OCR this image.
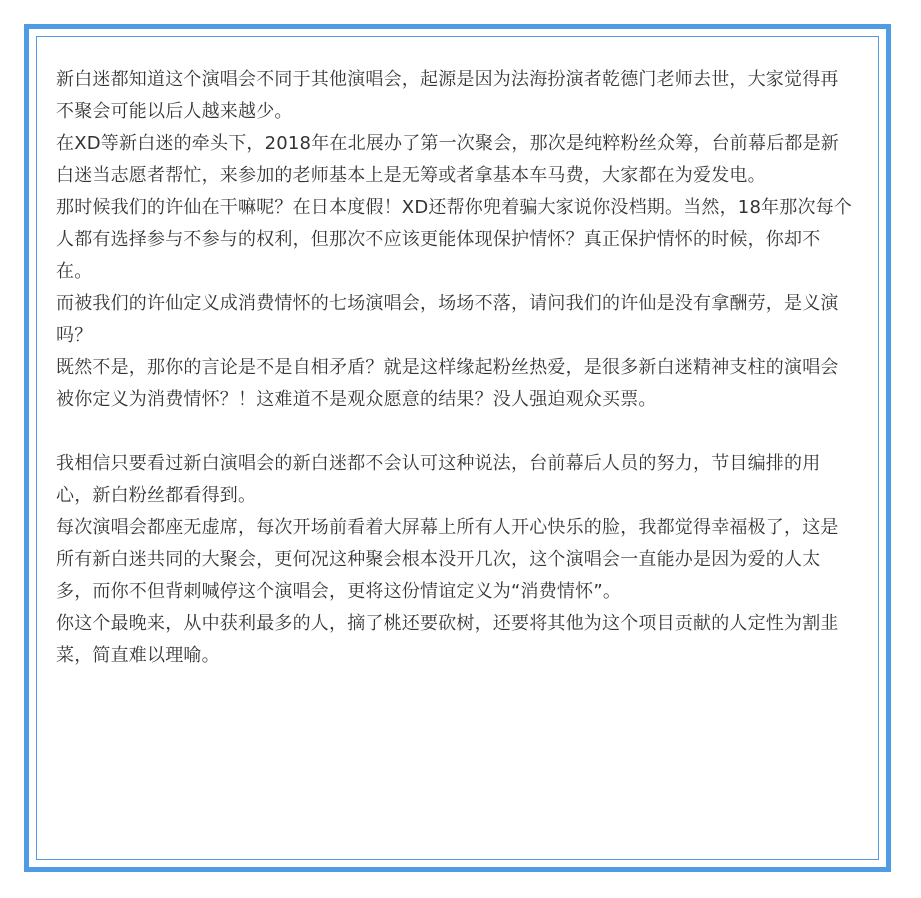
新白迷都知道这个演唱会不同于其他演唱会，起源是因为法海扮演者乾德门老师去世，大家觉得再不聚会可能以后人越来越少。

在XD等新白迷的牵头下，2018年在北展办了第一次聚会，那次是纯粹粉丝众筹，台前幕后都是新白迷当志愿者帮忙，来参加的老师基本上是无筹或者拿基本车马费，大家都在为爱发电。

那时候我们的许仙在干嘛呢？在日本度假！XD还帮你兜着骗大家说你没档期。当然，18年那次每个人都有选择参与不参与的权利，但那次不应该更能体现保护情怀？真正保护情怀的时候，你却不在。

而被我们的许仙定义成消费情怀的七场演唱会，场场不落，请问我们的许仙是没有拿酬劳，是义演吗？

既然不是，那你的言论是不是自相矛盾？就是这样缘起粉丝热爱，是很多新白迷精神支柱的演唱会被你定义为消费情怀？！这难道不是观众愿意的结果？没人强迫观众买票。

我相信只要看过新白演唱会的新白迷都不会认可这种说法，台前幕后人员的努力，节目编排的用心，新白粉丝都看得到。

每次演唱会都座无虚席，每次开场前看着大屏幕上所有人开心快乐的脸，我都觉得幸福极了，这是所有新白迷共同的大聚会，更何况这种聚会根本没开几次，这个演唱会一直能办是因为爱的人太多，而你不但背刺喊停这个演唱会，更将这份情谊定义为“消费情怀”。

你这个最晚来，从中获利最多的人，摘了桃还要砍树，还要将其他为这个项目贡献的人定性为割韭菜，简直难以理喻。
